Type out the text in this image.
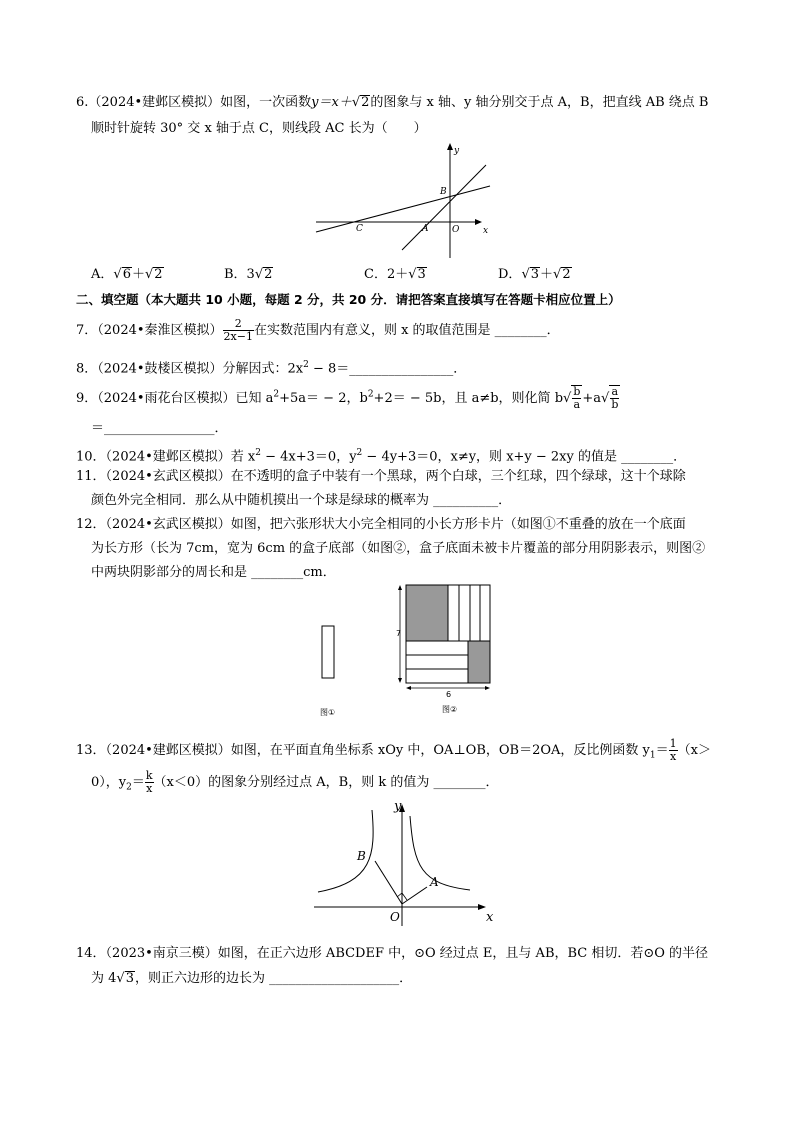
6.（2024•建邺区模拟）如图，一次函数y＝x＋√2的图象与 x 轴、y 轴分别交于点 A，B，把直线 AB 绕点 B
顺时针旋转 30° 交 x 轴于点 C，则线段 AC 长为（　　）
y
B
C	A	O	x
A．√6＋√2	B．3√2	C．2＋√3	D．√3＋√2
二、填空题（本大题共 10 小题，每题 2 分，共 20 分．请把答案直接填写在答题卡相应位置上）
7．（2024•秦淮区模拟） $\frac{2}{2x-1}$ 在实数范围内有意义，则 x 的取值范围是 ________．
8．（2024•鼓楼区模拟）分解因式：$2x^2$ − 8＝________________．
9．（2024•雨花台区模拟）已知 $a^2+5a= - 2$，$b^2+2= - 5b$，且 a≠b，则化简 $b√ \frac{b}{a} +a√ \frac{a}{b}$
＝_________________．
10．（2024•建邺区模拟）若 $x^2 - 4x+3=0$，$y^2 - 4y+3=0$，x≠y，则 x+y − 2xy 的值是 ________．
11．（2024•玄武区模拟）在不透明的盒子中装有一个黑球，两个白球，三个红球，四个绿球，这十个球除
颜色外完全相同．那么从中随机摸出一个球是绿球的概率为 __________．
12．（2024•玄武区模拟）如图，把六张形状大小完全相同的小长方形卡片（如图①不重叠的放在一个底面
为长方形（长为 7cm，宽为 6cm 的盒子底部（如图②，盒子底面未被卡片覆盖的部分用阴影表示，则图②
中两块阴影部分的周长和是 ________cm．
图①
7
6
图②
13．（2024•建邺区模拟）如图，在平面直角坐标系 xOy 中，OA⊥OB，OB＝2OA，反比例函数 $y_1= \frac{1}{x} (x>$
0），$y_2= \frac{k}{x} (x<0)$的图象分别经过点 A，B，则 k 的值为 ________．
y
x
O
A
B
14．（2023•南京三模）如图，在正六边形 ABCDEF 中，⊙O 经过点 E，且与 AB，BC 相切．若⊙O 的半径
为 4√3，则正六边形的边长为 ____________________．
